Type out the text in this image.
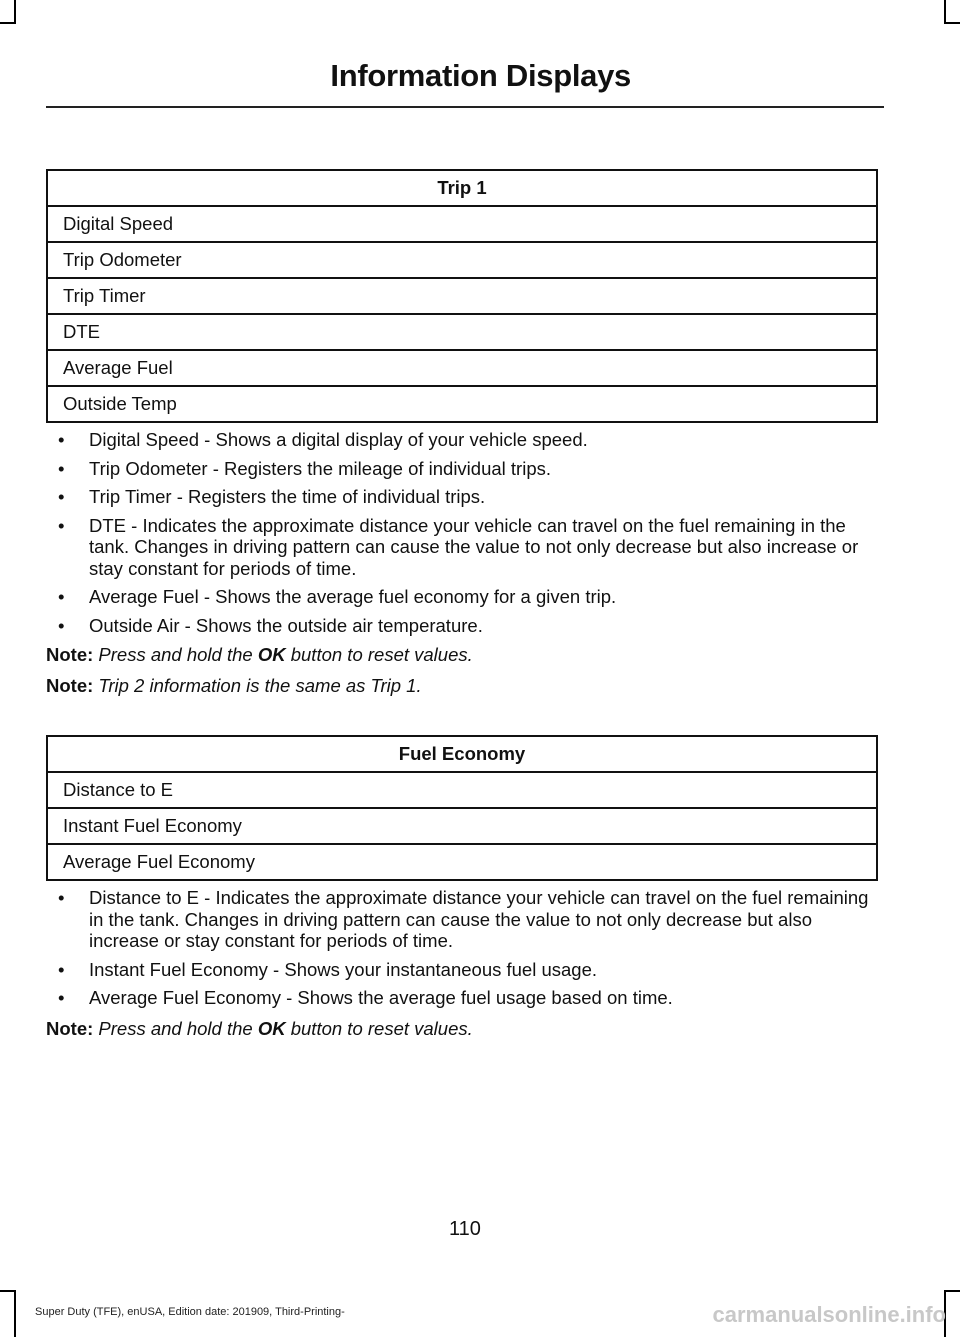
Information Displays
Trip 1
Digital Speed
Trip Odometer
Trip Timer
DTE
Average Fuel
Outside Temp
• Digital Speed - Shows a digital display of your vehicle speed.
• Trip Odometer - Registers the mileage of individual trips.
• Trip Timer - Registers the time of individual trips.
• DTE - Indicates the approximate distance your vehicle can travel on the fuel remaining in the tank. Changes in driving pattern can cause the value to not only decrease but also increase or stay constant for periods of time.
• Average Fuel - Shows the average fuel economy for a given trip.
• Outside Air - Shows the outside air temperature.
Note: Press and hold the OK button to reset values.
Note: Trip 2 information is the same as Trip 1.
Fuel Economy
Distance to E
Instant Fuel Economy
Average Fuel Economy
• Distance to E - Indicates the approximate distance your vehicle can travel on the fuel remaining in the tank. Changes in driving pattern can cause the value to not only decrease but also increase or stay constant for periods of time.
• Instant Fuel Economy - Shows your instantaneous fuel usage.
• Average Fuel Economy - Shows the average fuel usage based on time.
Note: Press and hold the OK button to reset values.
110
Super Duty (TFE), enUSA, Edition date: 201909, Third-Printing-	carmanualsonline.info
